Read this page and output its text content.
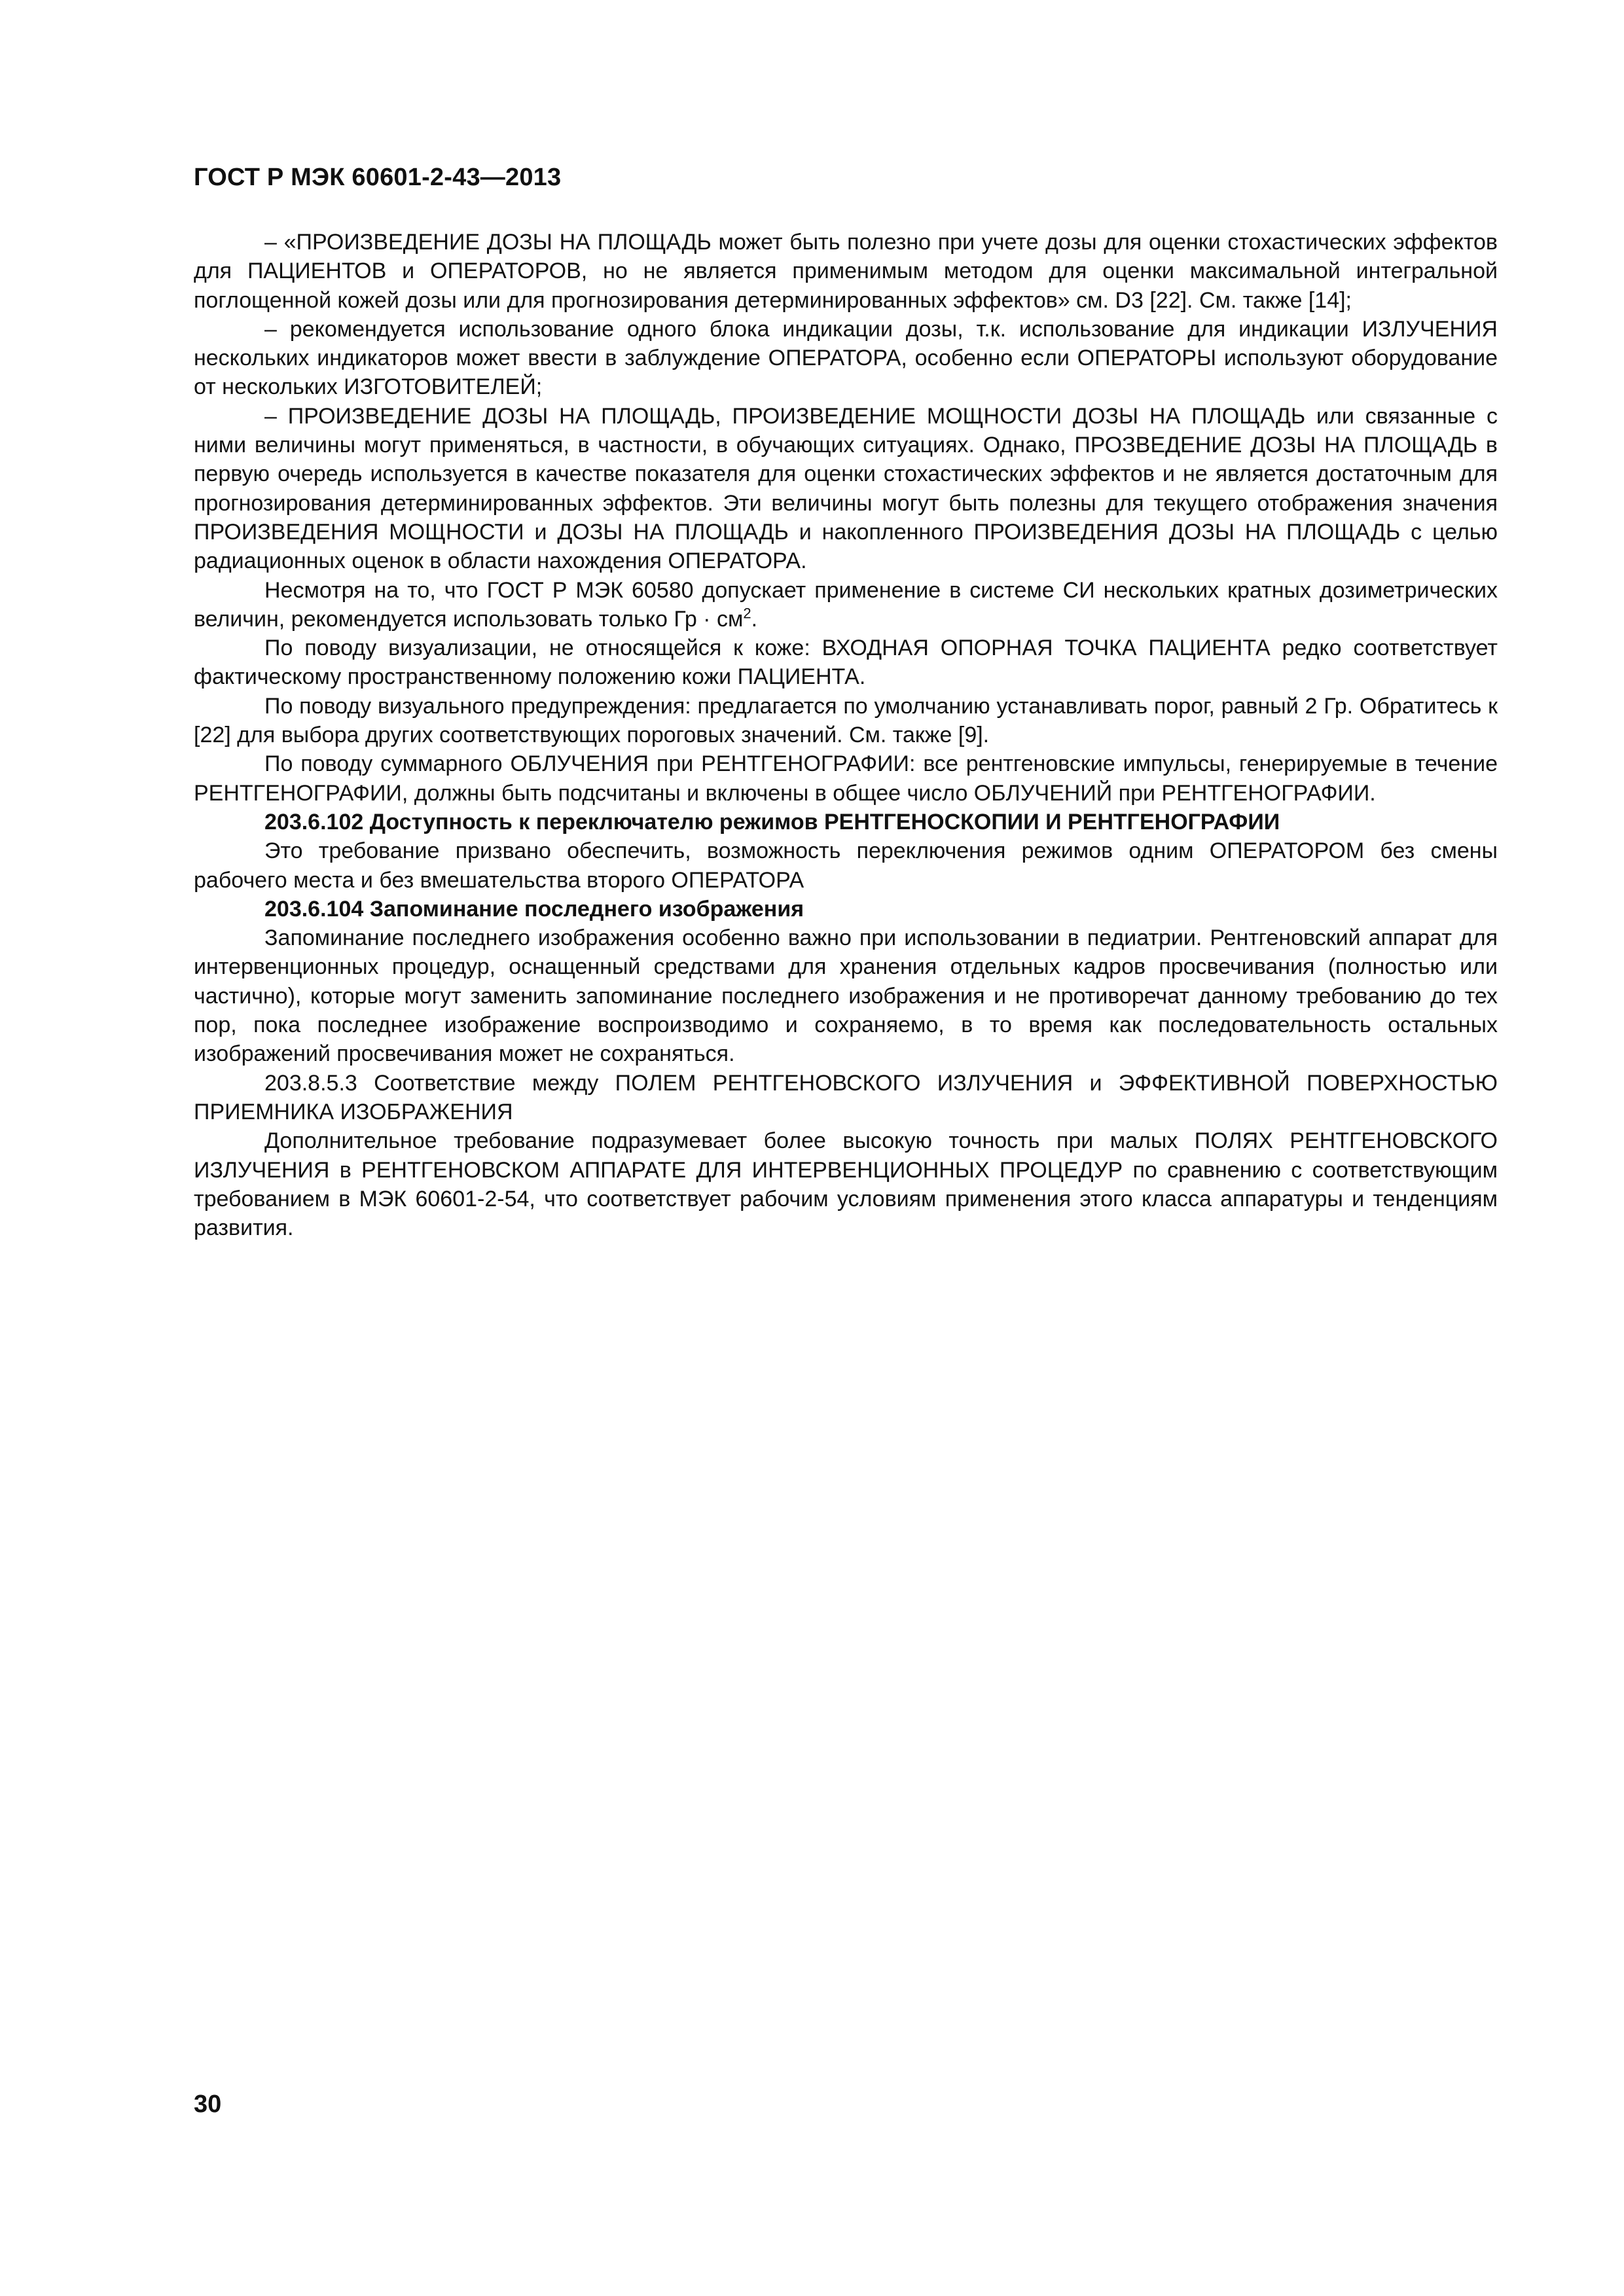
ГОСТ Р МЭК 60601-2-43—2013

– «ПРОИЗВЕДЕНИЕ ДОЗЫ НА ПЛОЩАДЬ может быть полезно при учете дозы для оценки стохастических эффектов для ПАЦИЕНТОВ и ОПЕРАТОРОВ, но не является применимым методом для оценки максимальной интегральной поглощенной кожей дозы или для прогнозирования детерминированных эффектов» см. D3 [22]. См. также [14];

– рекомендуется использование одного блока индикации дозы, т.к. использование для индикации ИЗЛУЧЕНИЯ нескольких индикаторов может ввести в заблуждение ОПЕРАТОРА, особенно если ОПЕРАТОРЫ используют оборудование от нескольких ИЗГОТОВИТЕЛЕЙ;

– ПРОИЗВЕДЕНИЕ ДОЗЫ НА ПЛОЩАДЬ, ПРОИЗВЕДЕНИЕ МОЩНОСТИ ДОЗЫ НА ПЛОЩАДЬ или связанные с ними величины могут применяться, в частности, в обучающих ситуациях. Однако, ПРОЗВЕДЕНИЕ ДОЗЫ НА ПЛОЩАДЬ в первую очередь используется в качестве показателя для оценки стохастических эффектов и не является достаточным для прогнозирования детерминированных эффектов. Эти величины могут быть полезны для текущего отображения значения ПРОИЗВЕДЕНИЯ МОЩНОСТИ и ДОЗЫ НА ПЛОЩАДЬ и накопленного ПРОИЗВЕДЕНИЯ ДОЗЫ НА ПЛОЩАДЬ с целью радиационных оценок в области нахождения ОПЕРАТОРА.

Несмотря на то, что ГОСТ Р МЭК 60580 допускает применение в системе СИ нескольких кратных дозиметрических величин, рекомендуется использовать только Гр · $см^2$.

По поводу визуализации, не относящейся к коже: ВХОДНАЯ ОПОРНАЯ ТОЧКА ПАЦИЕНТА редко соответствует фактическому пространственному положению кожи ПАЦИЕНТА.

По поводу визуального предупреждения: предлагается по умолчанию устанавливать порог, равный 2 Гр. Обратитесь к [22] для выбора других соответствующих пороговых значений. См. также [9].

По поводу суммарного ОБЛУЧЕНИЯ при РЕНТГЕНОГРАФИИ: все рентгеновские импульсы, генерируемые в течение РЕНТГЕНОГРАФИИ, должны быть подсчитаны и включены в общее число ОБЛУЧЕНИЙ при РЕНТГЕНОГРАФИИ.

203.6.102 Доступность к переключателю режимов РЕНТГЕНОСКОПИИ И РЕНТГЕНОГРАФИИ

Это требование призвано обеспечить, возможность переключения режимов одним ОПЕРАТОРОМ без смены рабочего места и без вмешательства второго ОПЕРАТОРА

203.6.104 Запоминание последнего изображения

Запоминание последнего изображения особенно важно при использовании в педиатрии. Рентгеновский аппарат для интервенционных процедур, оснащенный средствами для хранения отдельных кадров просвечивания (полностью или частично), которые могут заменить запоминание последнего изображения и не противоречат данному требованию до тех пор, пока последнее изображение воспроизводимо и сохраняемо, в то время как последовательность остальных изображений просвечивания может не сохраняться.

203.8.5.3 Соответствие между ПОЛЕМ РЕНТГЕНОВСКОГО ИЗЛУЧЕНИЯ и ЭФФЕКТИВНОЙ ПОВЕРХНОСТЬЮ ПРИЕМНИКА ИЗОБРАЖЕНИЯ

Дополнительное требование подразумевает более высокую точность при малых ПОЛЯХ РЕНТГЕНОВСКОГО ИЗЛУЧЕНИЯ в РЕНТГЕНОВСКОМ АППАРАТЕ ДЛЯ ИНТЕРВЕНЦИОННЫХ ПРОЦЕДУР по сравнению с соответствующим требованием в МЭК 60601-2-54, что соответствует рабочим условиям применения этого класса аппаратуры и тенденциям развития.

30
